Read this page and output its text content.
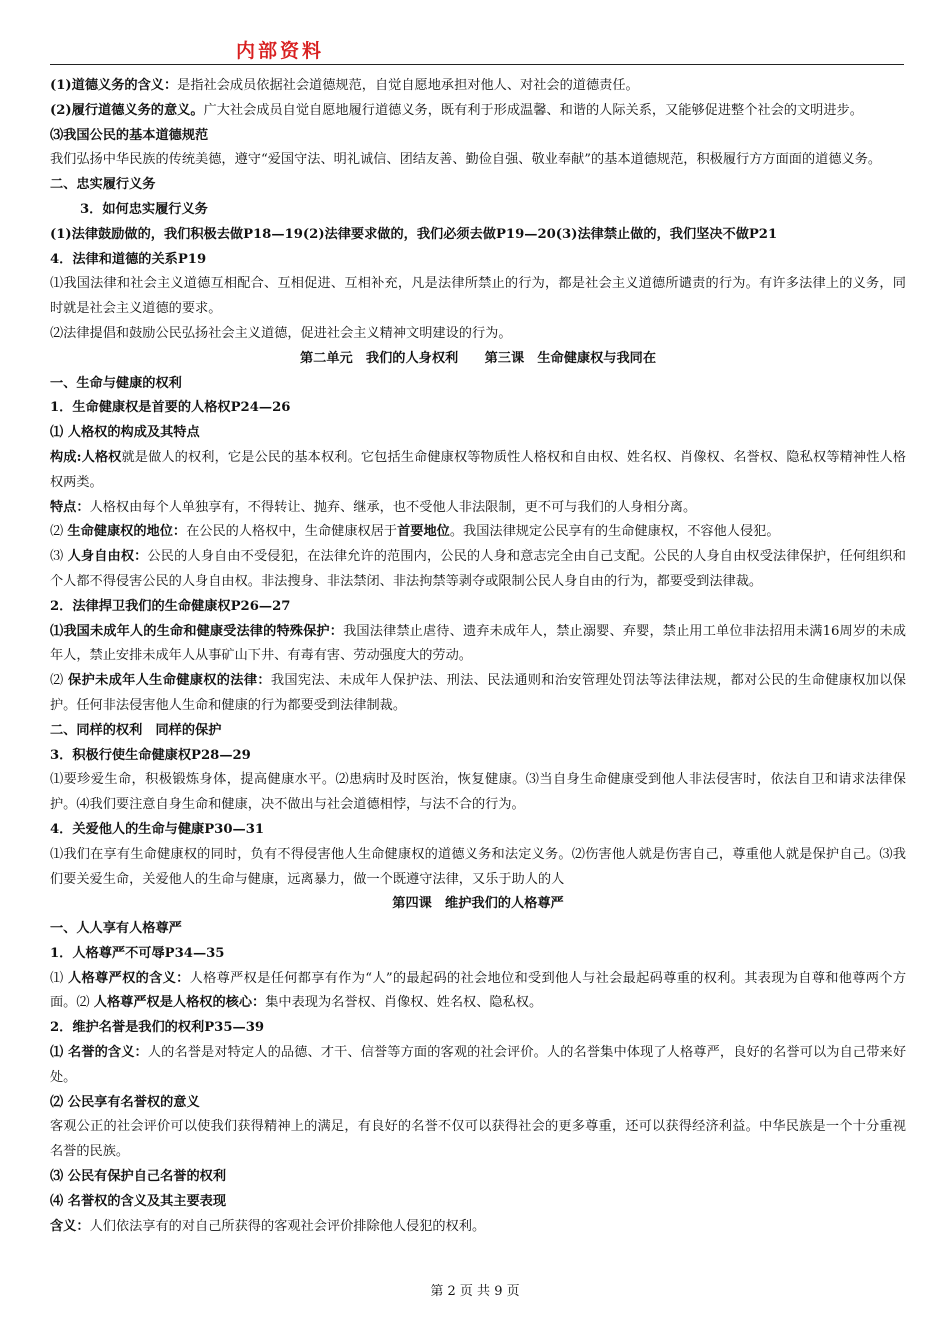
内部资料

(1)道德义务的含义：是指社会成员依据社会道德规范，自觉自愿地承担对他人、对社会的道德责任。

(2)履行道德义务的意义。广大社会成员自觉自愿地履行道德义务，既有利于形成温馨、和谐的人际关系，又能够促进整个社会的文明进步。

⑶我国公民的基本道德规范

我们弘扬中华民族的传统美德，遵守“爱国守法、明礼诚信、团结友善、勤俭自强、敬业奉献”的基本道德规范，积极履行方方面面的道德义务。

二、忠实履行义务

3．如何忠实履行义务

(1)法律鼓励做的，我们积极去做P18—19(2)法律要求做的，我们必须去做P19—20(3)法律禁止做的，我们坚决不做P21

4．法律和道德的关系P19

⑴我国法律和社会主义道德互相配合、互相促进、互相补充，凡是法律所禁止的行为，都是社会主义道德所谴责的行为。有许多法律上的义务，同时就是社会主义道德的要求。

⑵法律提倡和鼓励公民弘扬社会主义道德，促进社会主义精神文明建设的行为。

第二单元　我们的人身权利　　第三课　生命健康权与我同在

一、生命与健康的权利

1．生命健康权是首要的人格权P24—26

⑴ 人格权的构成及其特点

构成:人格权就是做人的权利，它是公民的基本权利。它包括生命健康权等物质性人格权和自由权、姓名权、肖像权、名誉权、隐私权等精神性人格权两类。

特点：人格权由每个人单独享有，不得转让、抛弃、继承，也不受他人非法限制，更不可与我们的人身相分离。

⑵ 生命健康权的地位：在公民的人格权中，生命健康权居于首要地位。我国法律规定公民享有的生命健康权，不容他人侵犯。

⑶ 人身自由权：公民的人身自由不受侵犯，在法律允许的范围内，公民的人身和意志完全由自己支配。公民的人身自由权受法律保护，任何组织和个人都不得侵害公民的人身自由权。非法搜身、非法禁闭、非法拘禁等剥夺或限制公民人身自由的行为，都要受到法律裁。

2．法律捍卫我们的生命健康权P26—27

⑴我国未成年人的生命和健康受法律的特殊保护：我国法律禁止虐待、遗弃未成年人，禁止溺婴、弃婴，禁止用工单位非法招用未满16周岁的未成年人，禁止安排未成年人从事矿山下井、有毒有害、劳动强度大的劳动。

⑵ 保护未成年人生命健康权的法律：我国宪法、未成年人保护法、刑法、民法通则和治安管理处罚法等法律法规，都对公民的生命健康权加以保护。任何非法侵害他人生命和健康的行为都要受到法律制裁。

二、同样的权利　同样的保护

3．积极行使生命健康权P28—29

⑴要珍爱生命，积极锻炼身体，提高健康水平。⑵患病时及时医治，恢复健康。⑶当自身生命健康受到他人非法侵害时，依法自卫和请求法律保护。⑷我们要注意自身生命和健康，决不做出与社会道德相悖，与法不合的行为。

4．关爱他人的生命与健康P30—31

⑴我们在享有生命健康权的同时，负有不得侵害他人生命健康权的道德义务和法定义务。⑵伤害他人就是伤害自己，尊重他人就是保护自己。⑶我们要关爱生命，关爱他人的生命与健康，远离暴力，做一个既遵守法律，又乐于助人的人

第四课　维护我们的人格尊严

一、人人享有人格尊严

1．人格尊严不可辱P34—35

⑴ 人格尊严权的含义：人格尊严权是任何都享有作为“人”的最起码的社会地位和受到他人与社会最起码尊重的权利。其表现为自尊和他尊两个方面。⑵ 人格尊严权是人格权的核心：集中表现为名誉权、肖像权、姓名权、隐私权。

2．维护名誉是我们的权利P35—39

⑴ 名誉的含义：人的名誉是对特定人的品德、才干、信誉等方面的客观的社会评价。人的名誉集中体现了人格尊严，良好的名誉可以为自己带来好处。

⑵ 公民享有名誉权的意义

客观公正的社会评价可以使我们获得精神上的满足，有良好的名誉不仅可以获得社会的更多尊重，还可以获得经济利益。中华民族是一个十分重视名誉的民族。

⑶ 公民有保护自己名誉的权利

⑷ 名誉权的含义及其主要表现

含义：人们依法享有的对自己所获得的客观社会评价排除他人侵犯的权利。

第 2 页 共 9 页
